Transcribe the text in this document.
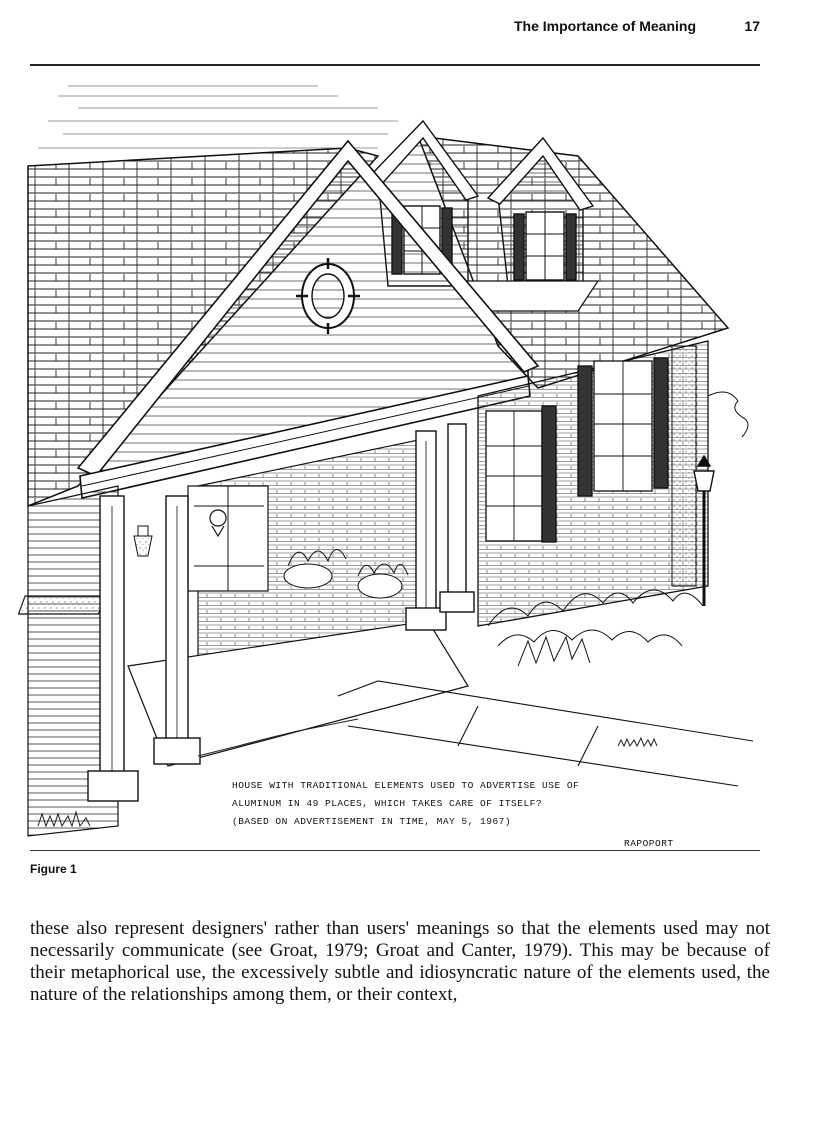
The Importance of Meaning	17
HOUSE WITH TRADITIONAL ELEMENTS USED TO ADVERTISE USE OF
ALUMINUM IN 49 PLACES, WHICH TAKES CARE OF ITSELF?
(BASED ON ADVERTISEMENT IN TIME, MAY 5, 1967)
RAPOPORT
Figure 1

these also represent designers' rather than users' meanings so that the elements used may not necessarily communicate (see Groat, 1979; Groat and Canter, 1979). This may be because of their metaphorical use, the excessively subtle and idiosyncratic nature of the elements used, the nature of the relationships among them, or their context,
